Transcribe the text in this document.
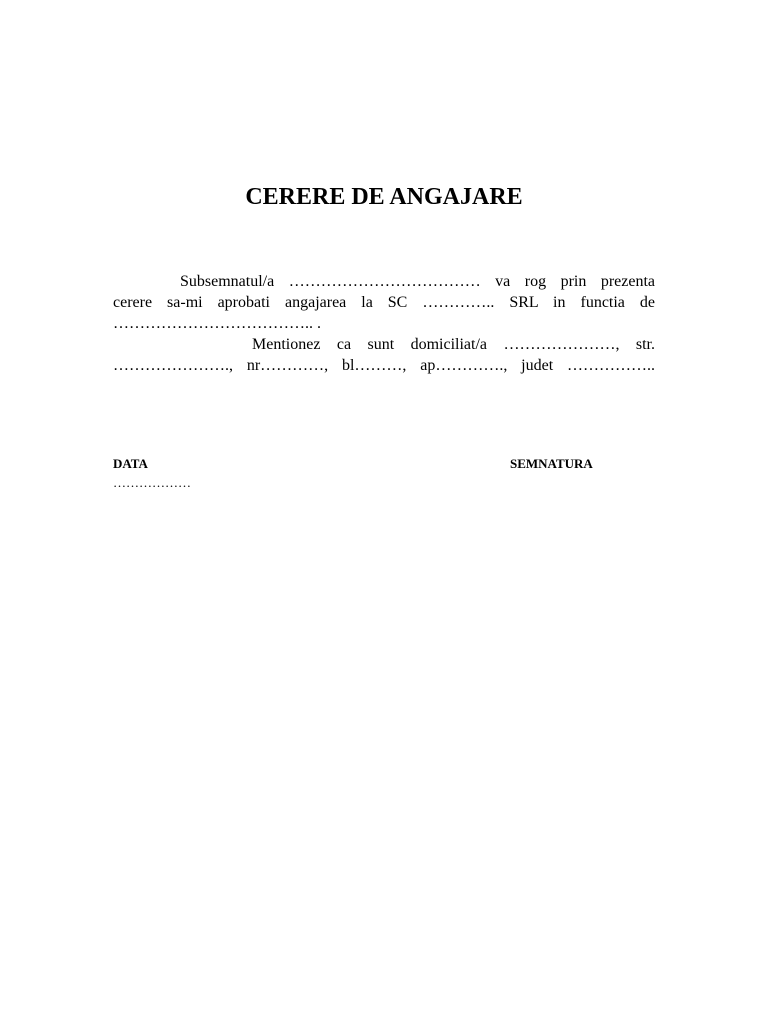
CERERE DE ANGAJARE
Subsemnatul/a ……………………………… va rog prin prezenta
cerere sa-mi aprobati angajarea la SC ………….. SRL in functia de
……………………………….. .
Mentionez ca sunt domiciliat/a …………………, str.
…………………., nr…………, bl………, ap…………., judet ……………..
DATA
………………
SEMNATURA
